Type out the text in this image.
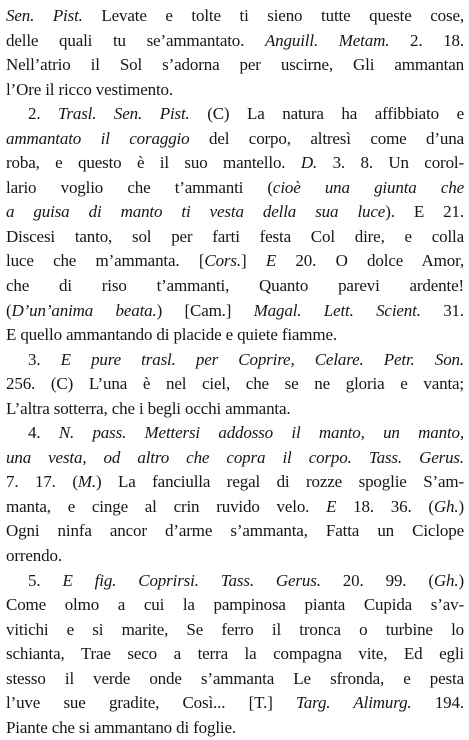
Sen. Pist. Levate e tolte ti sieno tutte queste cose,
delle quali tu se’ammantato. Anguill. Metam. 2. 18.
Nell’atrio il Sol s’adorna per uscirne, Gli ammantan
l’Ore il ricco vestimento.
2. Trasl. Sen. Pist. (C) La natura ha affibbiato e
ammantato il coraggio del corpo, altresì come d’una
roba, e questo è il suo mantello. D. 3. 8. Un corol-
lario voglio che t’ammanti (cioè una giunta che
a guisa di manto ti vesta della sua luce). E 21.
Discesi tanto, sol per farti festa Col dire, e colla
luce che m’ammanta. [Cors.] E 20. O dolce Amor,
che di riso t’ammanti, Quanto parevi ardente!
(D’un’anima beata.) [Cam.] Magal. Lett. Scient. 31.
E quello ammantando di placide e quiete fiamme.
3. E pure trasl. per Coprire, Celare. Petr. Son.
256. (C) L’una è nel ciel, che se ne gloria e vanta;
L’altra sotterra, che i begli occhi ammanta.
4. N. pass. Mettersi addosso il manto, un manto,
una vesta, od altro che copra il corpo. Tass. Gerus.
7. 17. (M.) La fanciulla regal di rozze spoglie S’am-
manta, e cinge al crin ruvido velo. E 18. 36. (Gh.)
Ogni ninfa ancor d’arme s’ammanta, Fatta un Ciclope
orrendo.
5. E fig. Coprirsi. Tass. Gerus. 20. 99. (Gh.)
Come olmo a cui la pampinosa pianta Cupida s’av-
vitichi e si marite, Se ferro il tronca o turbine lo
schianta, Trae seco a terra la compagna vite, Ed egli
stesso il verde onde s’ammanta Le sfronda, e pesta
l’uve sue gradite, Così... [T.] Targ. Alimurg. 194.
Piante che si ammantano di foglie.
